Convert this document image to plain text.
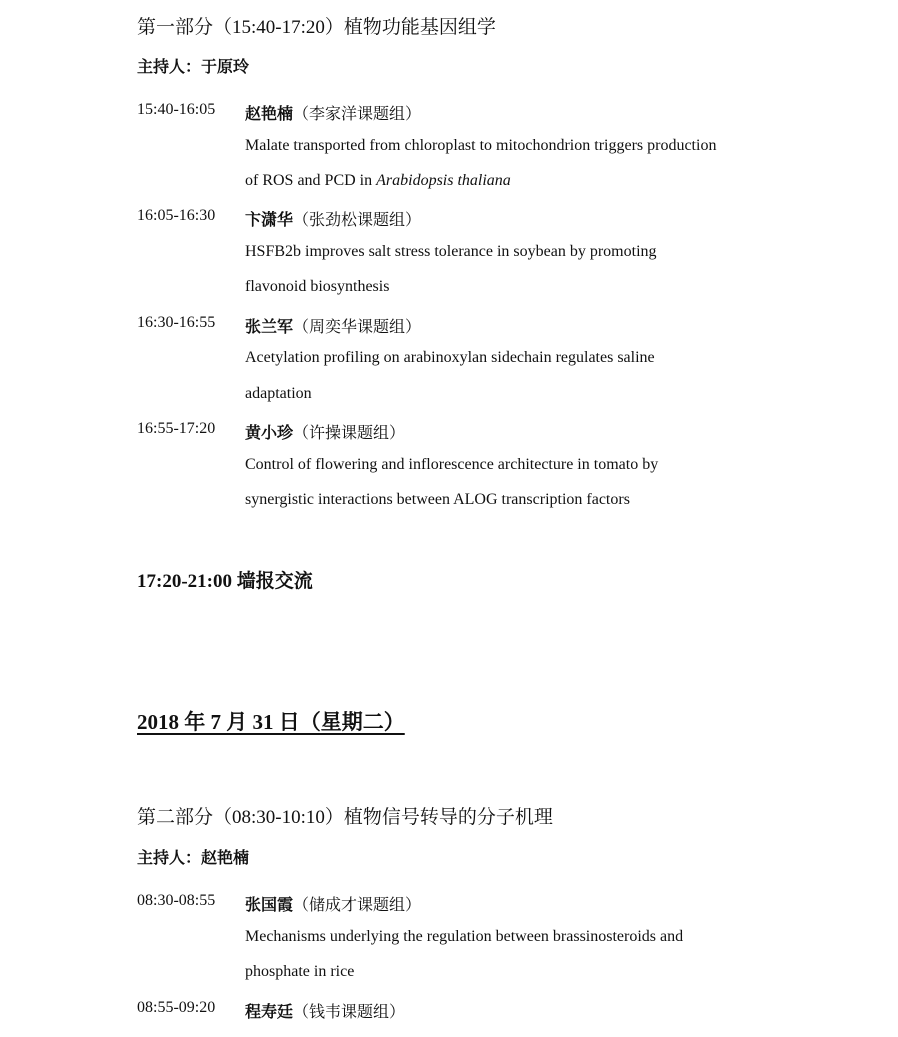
第一部分（15:40-17:20）植物功能基因组学
主持人：于原玲
15:40-16:05 赵艳楠（李家洋课题组）
Malate transported from chloroplast to mitochondrion triggers production
of ROS and PCD in Arabidopsis thaliana
16:05-16:30 卞潇华（张劲松课题组）
HSFB2b improves salt stress tolerance in soybean by promoting
flavonoid biosynthesis
16:30-16:55 张兰军（周奕华课题组）
Acetylation profiling on arabinoxylan sidechain regulates saline
adaptation
16:55-17:20 黄小珍（许操课题组）
Control of flowering and inflorescence architecture in tomato by
synergistic interactions between ALOG transcription factors
17:20-21:00 墙报交流
2018 年 7 月 31 日（星期二）
第二部分（08:30-10:10）植物信号转导的分子机理
主持人：赵艳楠
08:30-08:55 张国霞（储成才课题组）
Mechanisms underlying the regulation between brassinosteroids and
phosphate in rice
08:55-09:20 程寿廷（钱韦课题组）
